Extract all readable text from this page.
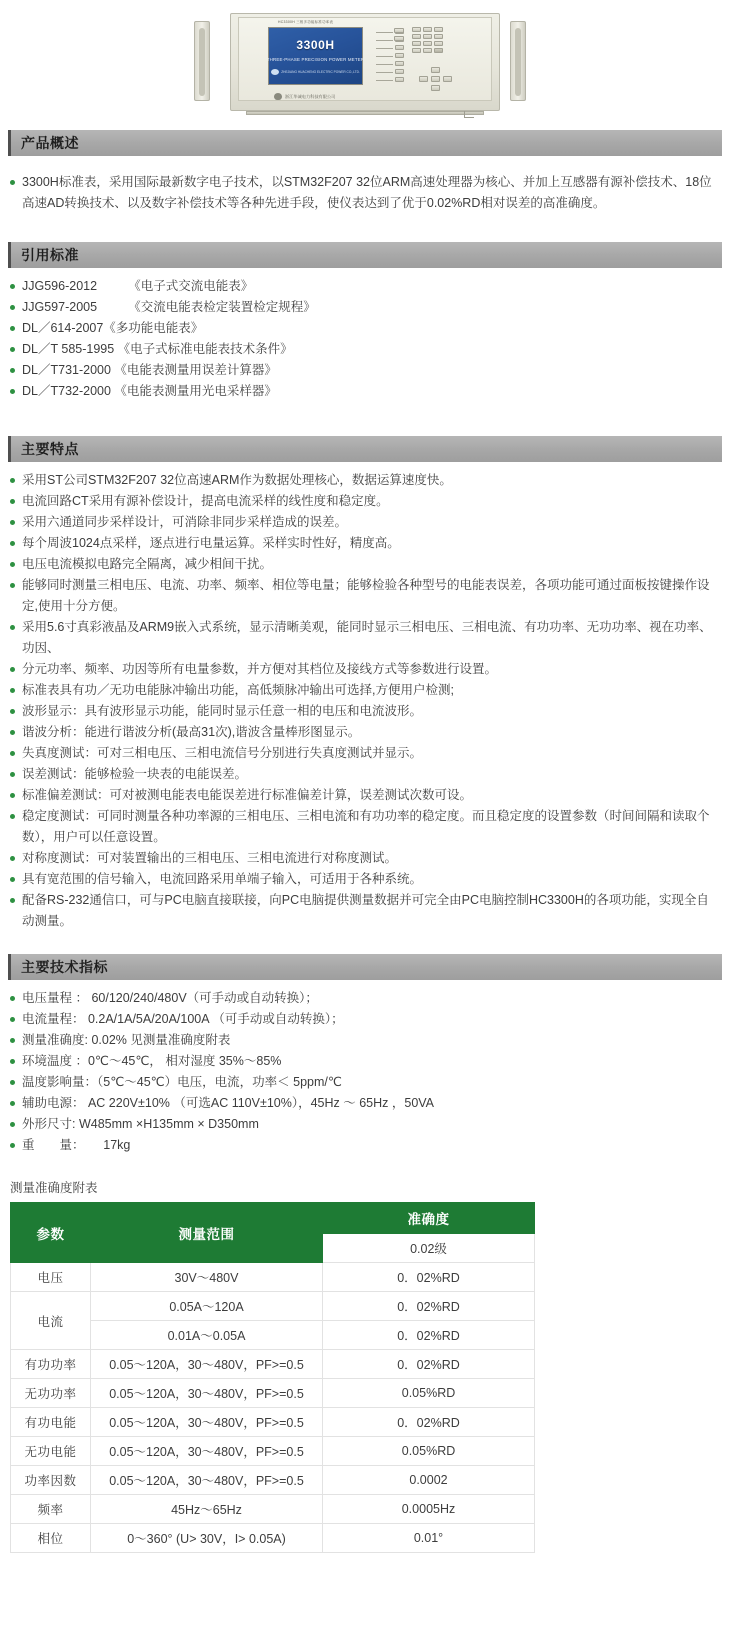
HC3300H 三相多功能标准功率表
3300H
THREE-PHASE PRECISION POWER METER
ZHEJIANG HUACHENG ELECTRIC POWER CO.,LTD.
浙江华诚电力科技有限公司
产品概述
3300H标准表，采用国际最新数字电子技术，以STM32F207 32位ARM高速处理器为核心、并加上互感器有源补偿技术、18位高速AD转换技术、以及数字补偿技术等各种先进手段，使仪表达到了优于0.02%RD相对误差的高准确度。
引用标准
JJG596-2012　　　《电子式交流电能表》
JJG597-2005　　　《交流电能表检定装置检定规程》
DL／614-2007《多功能电能表》
DL／T 585-1995 《电子式标准电能表技术条件》
DL／T731-2000 《电能表测量用误差计算器》
DL／T732-2000 《电能表测量用光电采样器》
主要特点
采用ST公司STM32F207 32位高速ARM作为数据处理核心，数据运算速度快。
电流回路CT采用有源补偿设计，提高电流采样的线性度和稳定度。
采用六通道同步采样设计，可消除非同步采样造成的误差。
每个周波1024点采样，逐点进行电量运算。采样实时性好，精度高。
电压电流模拟电路完全隔离，减少相间干扰。
能够同时测量三相电压、电流、功率、频率、相位等电量；能够检验各种型号的电能表误差，各项功能可通过面板按键操作设定,使用十分方便。
采用5.6寸真彩液晶及ARM9嵌入式系统，显示清晰美观，能同时显示三相电压、三相电流、有功功率、无功功率、视在功率、功因、
分元功率、频率、功因等所有电量参数，并方便对其档位及接线方式等参数进行设置。
标准表具有功／无功电能脉冲输出功能，高低频脉冲输出可选择,方便用户检测;
波形显示：具有波形显示功能，能同时显示任意一相的电压和电流波形。
谐波分析：能进行谐波分析(最高31次),谐波含量棒形图显示。
失真度测试：可对三相电压、三相电流信号分别进行失真度测试并显示。
误差测试：能够检验一块表的电能误差。
标准偏差测试：可对被测电能表电能误差进行标准偏差计算，误差测试次数可设。
稳定度测试：可同时测量各种功率源的三相电压、三相电流和有功功率的稳定度。而且稳定度的设置参数（时间间隔和读取个数），用户可以任意设置。
对称度测试：可对装置输出的三相电压、三相电流进行对称度测试。
具有宽范围的信号输入，电流回路采用单端子输入，可适用于各种系统。
配备RS-232通信口，可与PC电脑直接联接，向PC电脑提供测量数据并可完全由PC电脑控制HC3300H的各项功能，实现全自动测量。
主要技术指标
电压量程 ： 60/120/240/480V（可手动或自动转换）；
电流量程： 0.2A/1A/5A/20A/100A （可手动或自动转换）；
测量准确度: 0.02% 见测量准确度附表
环境温度 ：0℃～45℃， 相对湿度 35%～85%
温度影响量：（5℃～45℃）电压，电流，功率＜ 5ppm/℃
辅助电源： AC 220V±10% （可选AC 110V±10%），45Hz ～ 65Hz ，50VA
外形尺寸: W485mm ×H135mm × D350mm
重　　量：　　17kg
测量准确度附表
参数	测量范围	准确度
		0.02级
电压	30V～480V	0．02%RD
电流	0.05A～120A	0．02%RD
	0.01A～0.05A	0．02%RD
有功功率	0.05～120A，30～480V，PF>=0.5	0．02%RD
无功功率	0.05～120A，30～480V，PF>=0.5	0.05%RD
有功电能	0.05～120A，30～480V，PF>=0.5	0．02%RD
无功电能	0.05～120A，30～480V，PF>=0.5	0.05%RD
功率因数	0.05～120A，30～480V，PF>=0.5	0.0002
频率	45Hz～65Hz	0.0005Hz
相位	0～360° (U> 30V，I> 0.05A)	0.01°
